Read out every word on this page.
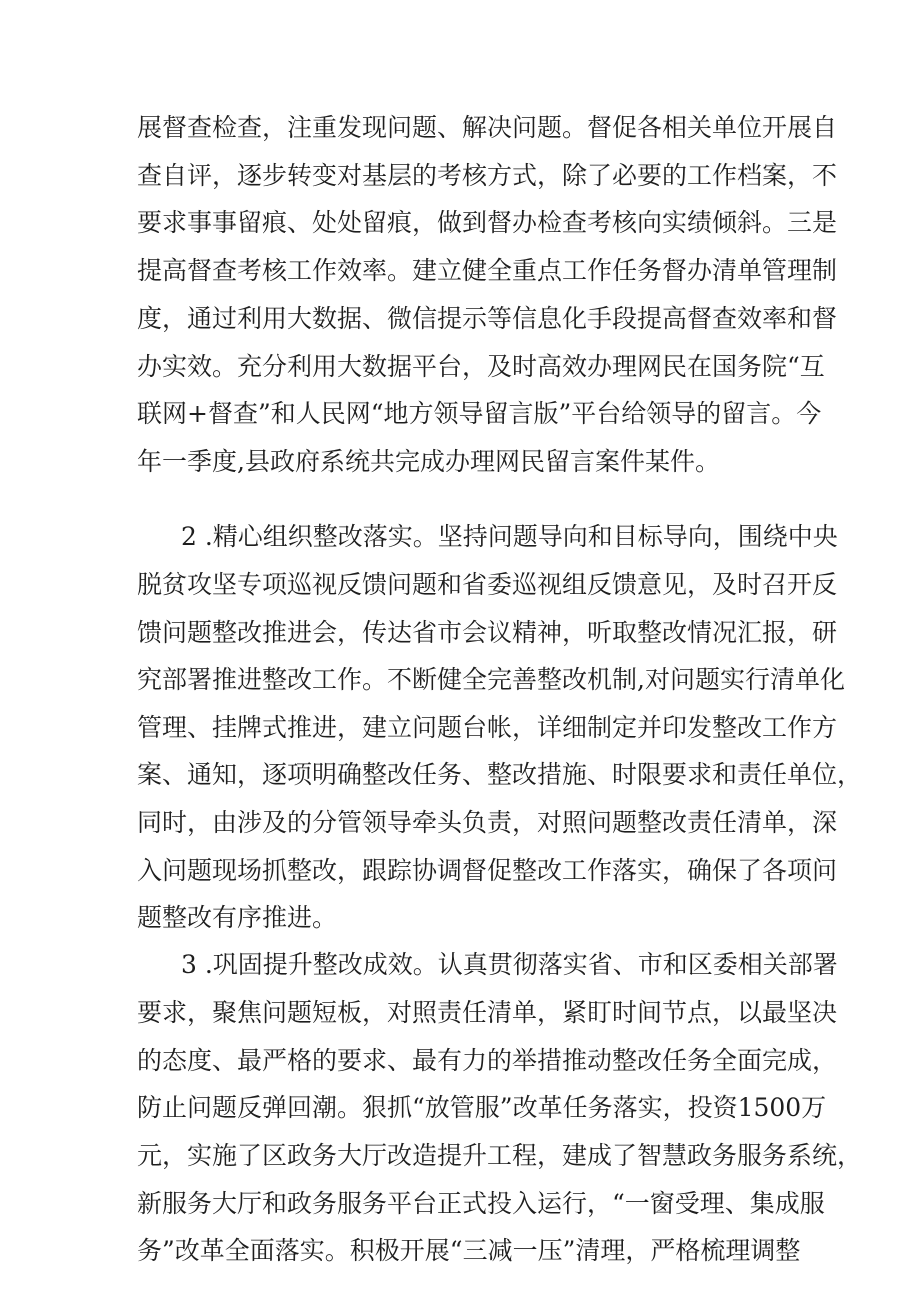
展督查检查，注重发现问题、解决问题。督促各相关单位开展自
查自评，逐步转变对基层的考核方式，除了必要的工作档案，不
要求事事留痕、处处留痕，做到督办检查考核向实绩倾斜。三是
提高督查考核工作效率。建立健全重点工作任务督办清单管理制
度，通过利用大数据、微信提示等信息化手段提高督查效率和督
办实效。充分利用大数据平台，及时高效办理网民在国务院“互
联网+督查”和人民网“地方领导留言版”平台给领导的留言。今
年一季度,县政府系统共完成办理网民留言案件某件。
2 .精心组织整改落实。坚持问题导向和目标导向，围绕中央
脱贫攻坚专项巡视反馈问题和省委巡视组反馈意见，及时召开反
馈问题整改推进会，传达省市会议精神，听取整改情况汇报，研
究部署推进整改工作。不断健全完善整改机制,对问题实行清单化
管理、挂牌式推进，建立问题台帐，详细制定并印发整改工作方
案、通知，逐项明确整改任务、整改措施、时限要求和责任单位，
同时，由涉及的分管领导牵头负责，对照问题整改责任清单，深
入问题现场抓整改，跟踪协调督促整改工作落实，确保了各项问
题整改有序推进。
3 .巩固提升整改成效。认真贯彻落实省、市和区委相关部署
要求，聚焦问题短板，对照责任清单，紧盯时间节点，以最坚决
的态度、最严格的要求、最有力的举措推动整改任务全面完成，
防止问题反弹回潮。狠抓“放管服”改革任务落实，投资1500万
元，实施了区政务大厅改造提升工程，建成了智慧政务服务系统，
新服务大厅和政务服务平台正式投入运行，“一窗受理、集成服
务”改革全面落实。积极开展“三减一压”清理，严格梳理调整
